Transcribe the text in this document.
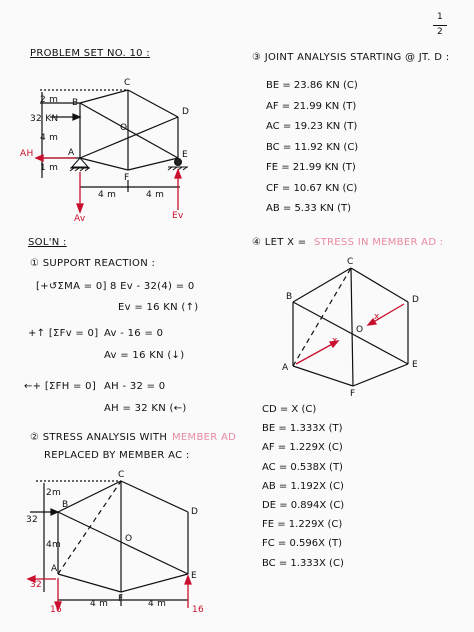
1
2
PROBLEM SET NO. 10 :
C
B
D
O
A	E
F
2 m
32 KN
4 m
AH
1 m
4 m	4 m
Av	Ev
SOL'N :
① SUPPORT REACTION :
[+↺ΣMA = 0] 8 Ev - 32(4) = 0
Ev = 16 KN (↑)
+↑ [ΣFv = 0] Av - 16 = 0
Av = 16 KN (↓)
←+ [ΣFH = 0] AH - 32 = 0
AH = 32 KN (←)
② STRESS ANALYSIS WITH MEMBER AD
REPLACED BY MEMBER AC :
C
B
D
O
A
E
F
2m
32
4m
32
16	16
4 m	4 m
③ JOINT ANALYSIS STARTING @ JT. D :
BE = 23.86 KN (C)
AF = 21.99 KN (T)
AC = 19.23 KN (T)
BC = 11.92 KN (C)
FE = 21.99 KN (T)
CF = 10.67 KN (C)
AB = 5.33 KN (T)
④ LET X = STRESS IN MEMBER AD :
C
B	D
O
A	E
F
x
x
CD = X (C)
BE = 1.333X (T)
AF = 1.229X (C)
AC = 0.538X (T)
AB = 1.192X (C)
DE = 0.894X (C)
FE = 1.229X (C)
FC = 0.596X (T)
BC = 1.333X (C)
